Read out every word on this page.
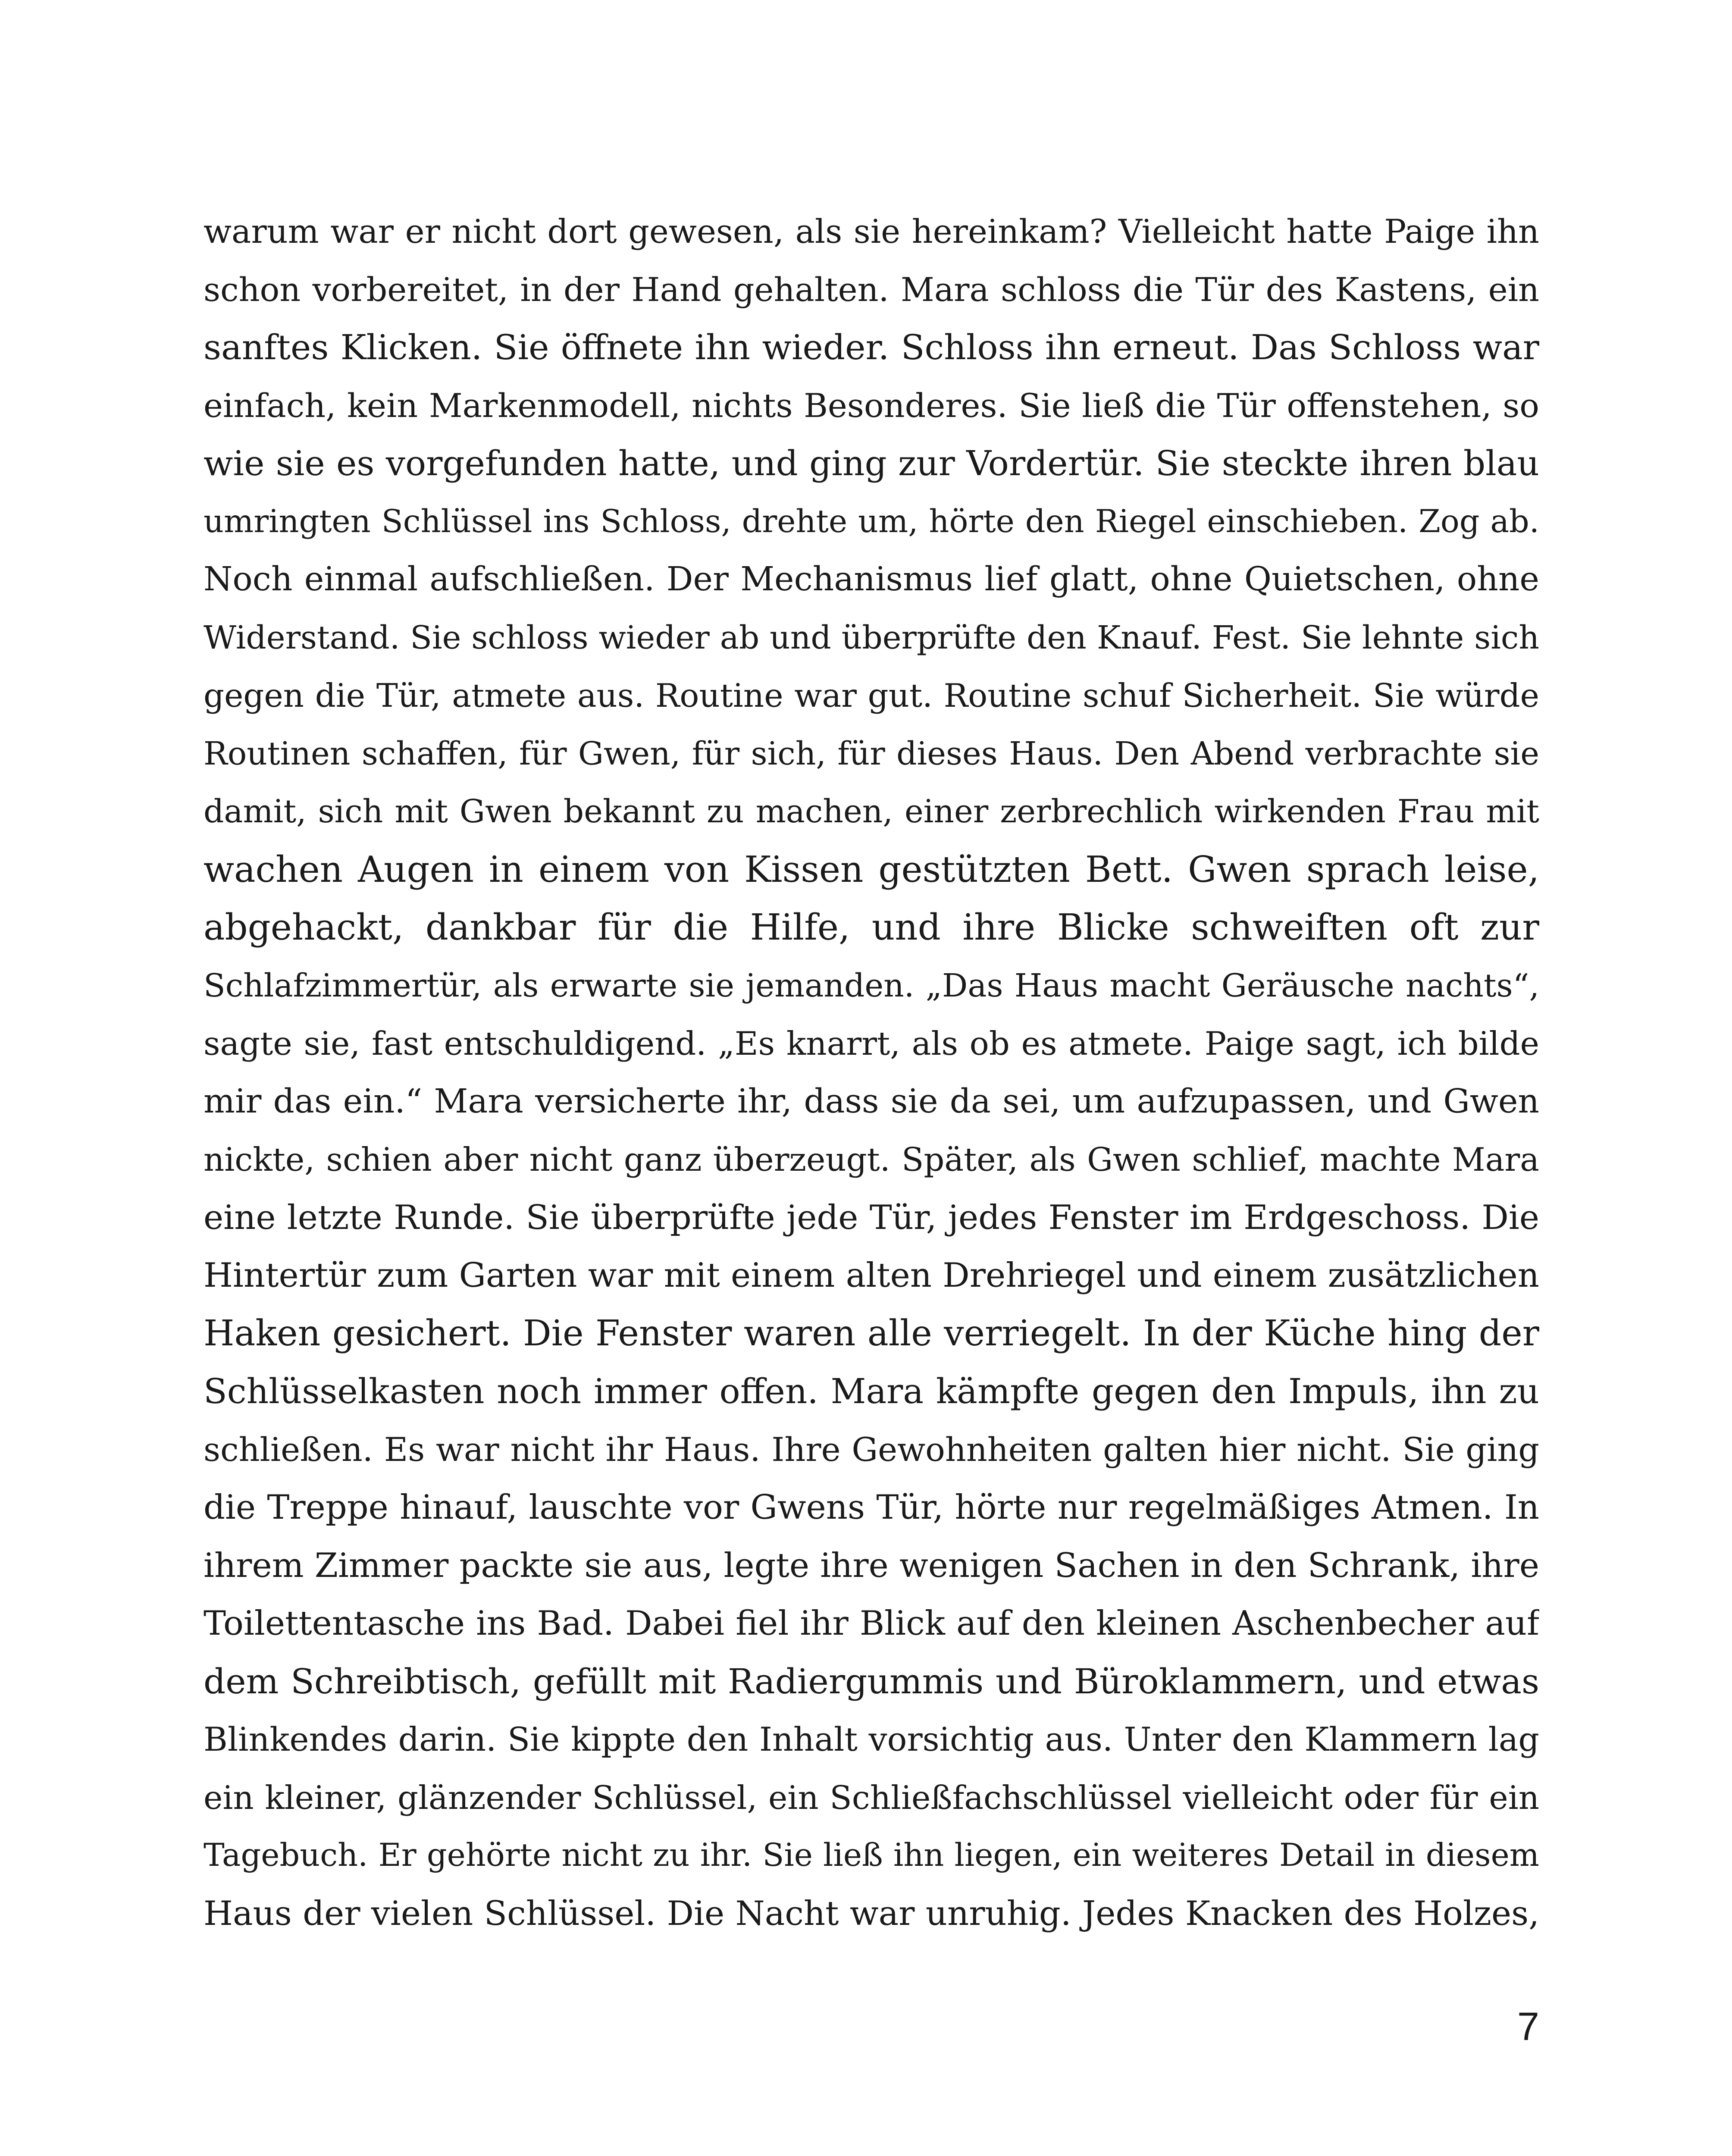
warum war er nicht dort gewesen, als sie hereinkam? Vielleicht hatte Paige ihn
schon vorbereitet, in der Hand gehalten. Mara schloss die Tür des Kastens, ein
sanftes Klicken. Sie öffnete ihn wieder. Schloss ihn erneut. Das Schloss war
einfach, kein Markenmodell, nichts Besonderes. Sie ließ die Tür offenstehen, so
wie sie es vorgefunden hatte, und ging zur Vordertür. Sie steckte ihren blau
umringten Schlüssel ins Schloss, drehte um, hörte den Riegel einschieben. Zog ab.
Noch einmal aufschließen. Der Mechanismus lief glatt, ohne Quietschen, ohne
Widerstand. Sie schloss wieder ab und überprüfte den Knauf. Fest. Sie lehnte sich
gegen die Tür, atmete aus. Routine war gut. Routine schuf Sicherheit. Sie würde
Routinen schaffen, für Gwen, für sich, für dieses Haus. Den Abend verbrachte sie
damit, sich mit Gwen bekannt zu machen, einer zerbrechlich wirkenden Frau mit
wachen Augen in einem von Kissen gestützten Bett. Gwen sprach leise,
abgehackt, dankbar für die Hilfe, und ihre Blicke schweiften oft zur
Schlafzimmertür, als erwarte sie jemanden. „Das Haus macht Geräusche nachts“,
sagte sie, fast entschuldigend. „Es knarrt, als ob es atmete. Paige sagt, ich bilde
mir das ein.“ Mara versicherte ihr, dass sie da sei, um aufzupassen, und Gwen
nickte, schien aber nicht ganz überzeugt. Später, als Gwen schlief, machte Mara
eine letzte Runde. Sie überprüfte jede Tür, jedes Fenster im Erdgeschoss. Die
Hintertür zum Garten war mit einem alten Drehriegel und einem zusätzlichen
Haken gesichert. Die Fenster waren alle verriegelt. In der Küche hing der
Schlüsselkasten noch immer offen. Mara kämpfte gegen den Impuls, ihn zu
schließen. Es war nicht ihr Haus. Ihre Gewohnheiten galten hier nicht. Sie ging
die Treppe hinauf, lauschte vor Gwens Tür, hörte nur regelmäßiges Atmen. In
ihrem Zimmer packte sie aus, legte ihre wenigen Sachen in den Schrank, ihre
Toilettentasche ins Bad. Dabei fiel ihr Blick auf den kleinen Aschenbecher auf
dem Schreibtisch, gefüllt mit Radiergummis und Büroklammern, und etwas
Blinkendes darin. Sie kippte den Inhalt vorsichtig aus. Unter den Klammern lag
ein kleiner, glänzender Schlüssel, ein Schließfachschlüssel vielleicht oder für ein
Tagebuch. Er gehörte nicht zu ihr. Sie ließ ihn liegen, ein weiteres Detail in diesem
Haus der vielen Schlüssel. Die Nacht war unruhig. Jedes Knacken des Holzes,
7
